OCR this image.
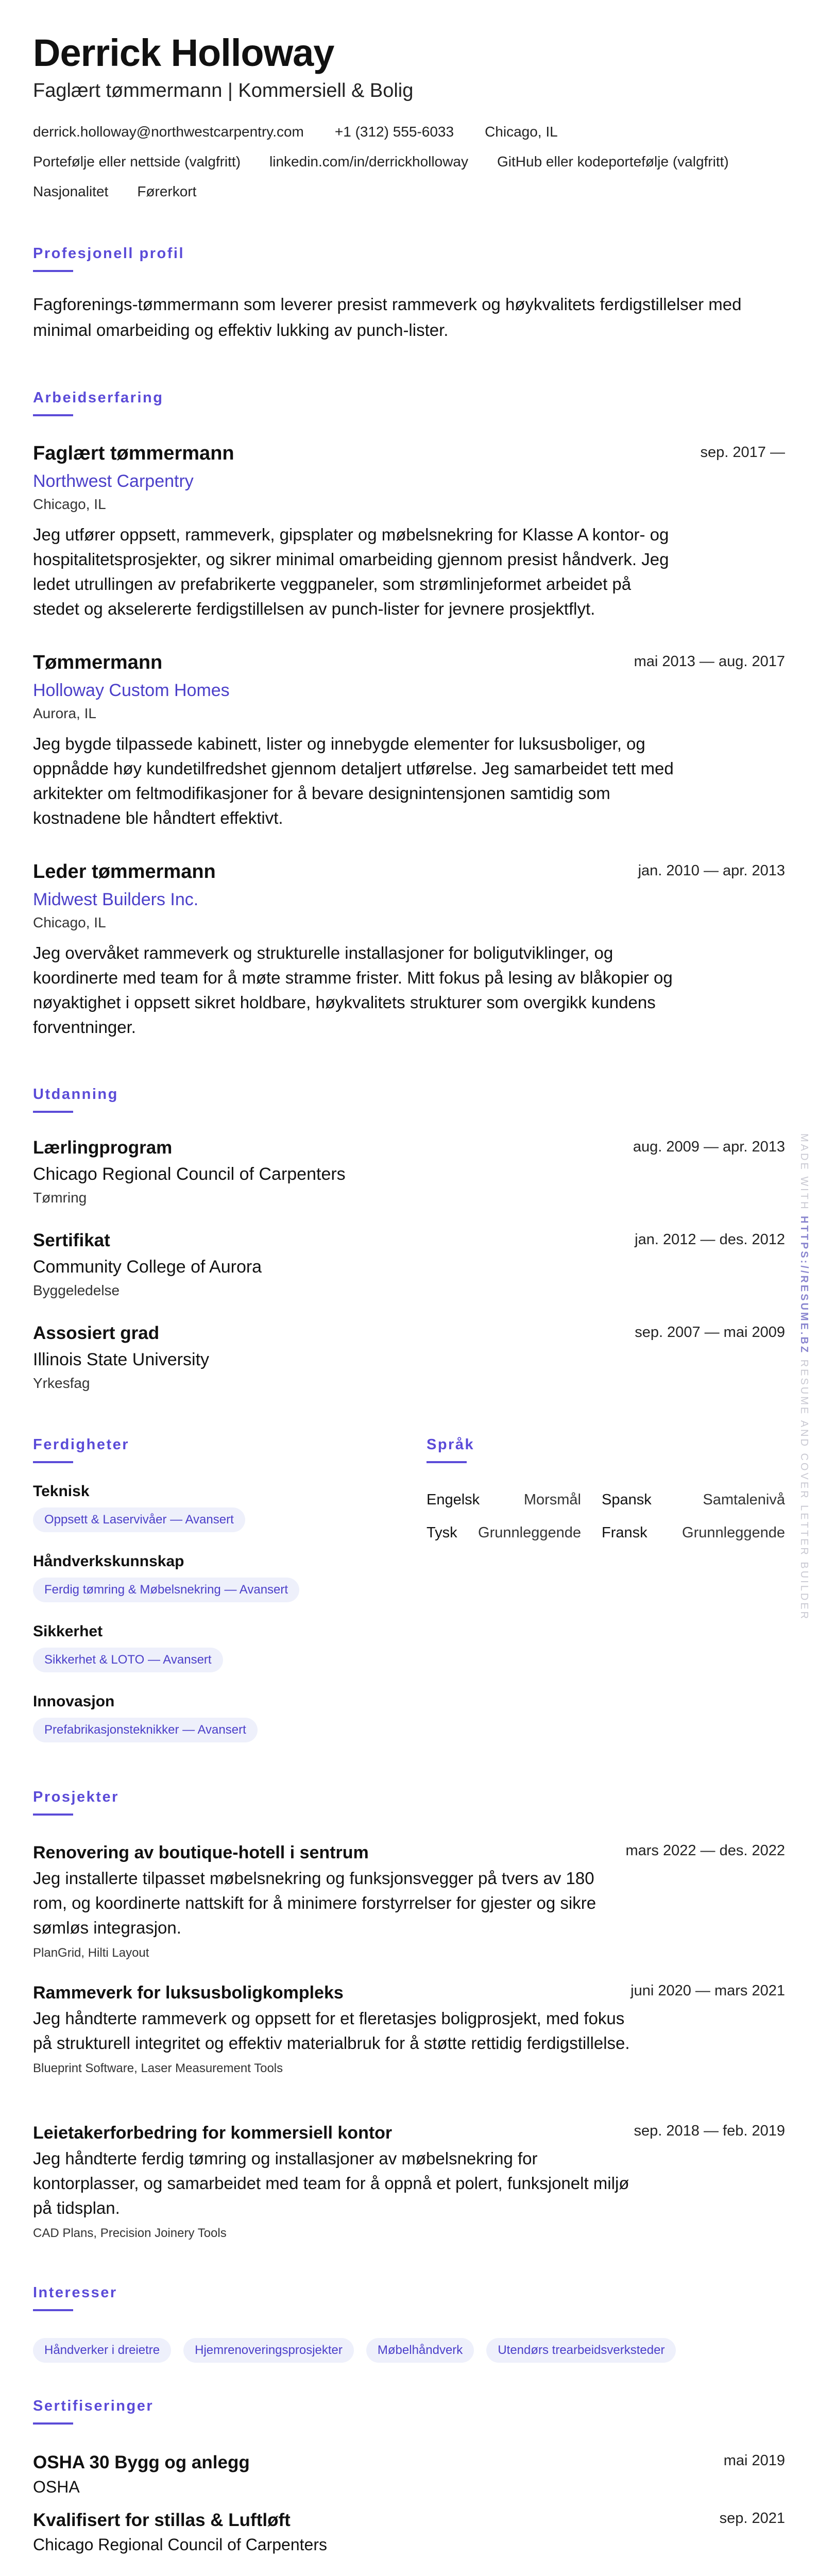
Derrick Holloway
Faglært tømmermann | Kommersiell & Bolig
derrick.holloway@northwestcarpentry.com +1 (312) 555-6033 Chicago, IL
Portefølje eller nettside (valgfritt) linkedin.com/in/derrickholloway GitHub eller kodeportefølje (valgfritt)
Nasjonalitet Førerkort
Profesjonell profil

Fagforenings-tømmermann som leverer presist rammeverk og høykvalitets ferdigstillelser med minimal omarbeiding og effektiv lukking av punch-lister.

Arbeidserfaring
Faglært tømmermann	sep. 2017 —
Northwest Carpentry
Chicago, IL
Jeg utfører oppsett, rammeverk, gipsplater og møbelsnekring for Klasse A kontor- og hospitalitetsprosjekter, og sikrer minimal omarbeiding gjennom presist håndverk. Jeg ledet utrullingen av prefabrikerte veggpaneler, som strømlinjeformet arbeidet på stedet og akselererte ferdigstillelsen av punch-lister for jevnere prosjektflyt.
Tømmermann	mai 2013 — aug. 2017
Holloway Custom Homes
Aurora, IL
Jeg bygde tilpassede kabinett, lister og innebygde elementer for luksusboliger, og oppnådde høy kundetilfredshet gjennom detaljert utførelse. Jeg samarbeidet tett med arkitekter om feltmodifikasjoner for å bevare designintensjonen samtidig som kostnadene ble håndtert effektivt.
Leder tømmermann	jan. 2010 — apr. 2013
Midwest Builders Inc.
Chicago, IL
Jeg overvåket rammeverk og strukturelle installasjoner for boligutviklinger, og koordinerte med team for å møte stramme frister. Mitt fokus på lesing av blåkopier og nøyaktighet i oppsett sikret holdbare, høykvalitets strukturer som overgikk kundens forventninger.
Utdanning
Lærlingprogram	aug. 2009 — apr. 2013
Chicago Regional Council of Carpenters
Tømring
Sertifikat	jan. 2012 — des. 2012
Community College of Aurora
Byggeledelse
Assosiert grad	sep. 2007 — mai 2009
Illinois State University
Yrkesfag
Ferdigheter
Teknisk
Oppsett & Laservivåer — Avansert
Håndverkskunnskap
Ferdig tømring & Møbelsnekring — Avansert
Sikkerhet
Sikkerhet & LOTO — Avansert
Innovasjon
Prefabrikasjonsteknikker — Avansert
Språk
Engelsk	Morsmål Spansk	Samtalenivå
Tysk Grunnleggende Fransk Grunnleggende
Prosjekter
Renovering av boutique-hotell i sentrum	mars 2022 — des. 2022
Jeg installerte tilpasset møbelsnekring og funksjonsvegger på tvers av 180 rom, og koordinerte nattskift for å minimere forstyrrelser for gjester og sikre sømløs integrasjon.
PlanGrid, Hilti Layout
Rammeverk for luksusboligkompleks	juni 2020 — mars 2021
Jeg håndterte rammeverk og oppsett for et fleretasjes boligprosjekt, med fokus på strukturell integritet og effektiv materialbruk for å støtte rettidig ferdigstillelse.
Blueprint Software, Laser Measurement Tools
Leietakerforbedring for kommersiell kontor	sep. 2018 — feb. 2019
Jeg håndterte ferdig tømring og installasjoner av møbelsnekring for kontorplasser, og samarbeidet med team for å oppnå et polert, funksjonelt miljø på tidsplan.
CAD Plans, Precision Joinery Tools
Interesser
Håndverker i dreietre	Hjemrenoveringsprosjekter	Møbelhåndverk	Utendørs trearbeidsverksteder
Sertifiseringer
OSHA 30 Bygg og anlegg	mai 2019
OSHA
Kvalifisert for stillas & Luftløft	sep. 2021
Chicago Regional Council of Carpenters
MADE WITH HTTPS://RESUME.BZ RESUME AND COVER LETTER BUILDER
